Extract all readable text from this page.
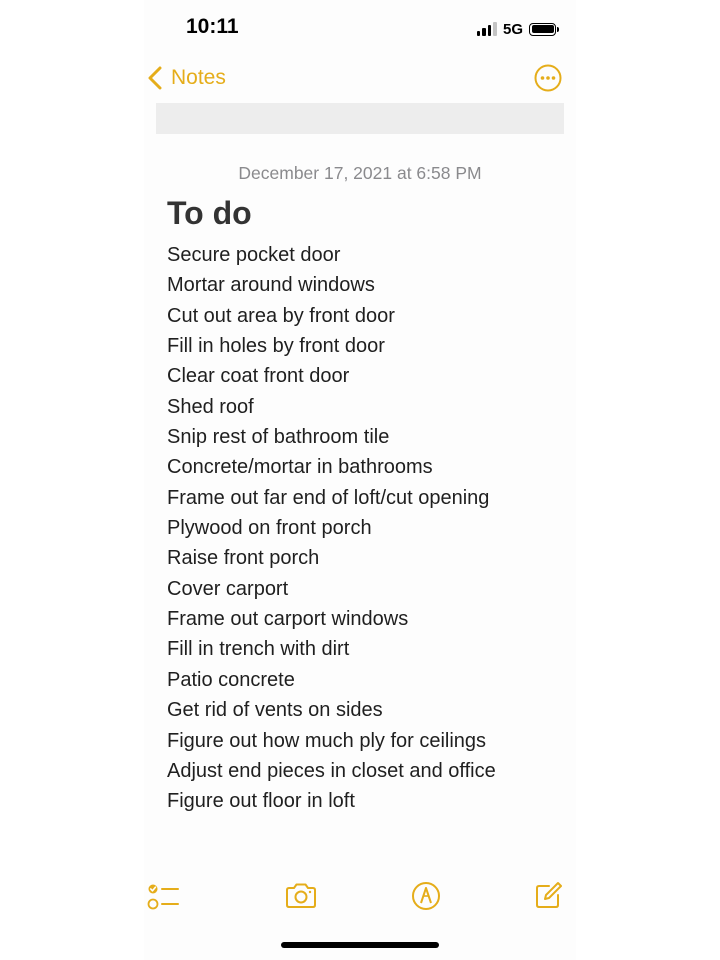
10:11	5G
Notes
December 17, 2021 at 6:58 PM
To do
Secure pocket door
Mortar around windows
Cut out area by front door
Fill in holes by front door
Clear coat front door
Shed roof
Snip rest of bathroom tile
Concrete/mortar in bathrooms
Frame out far end of loft/cut opening
Plywood on front porch
Raise front porch
Cover carport
Frame out carport windows
Fill in trench with dirt
Patio concrete
Get rid of vents on sides
Figure out how much ply for ceilings
Adjust end pieces in closet and office
Figure out floor in loft
